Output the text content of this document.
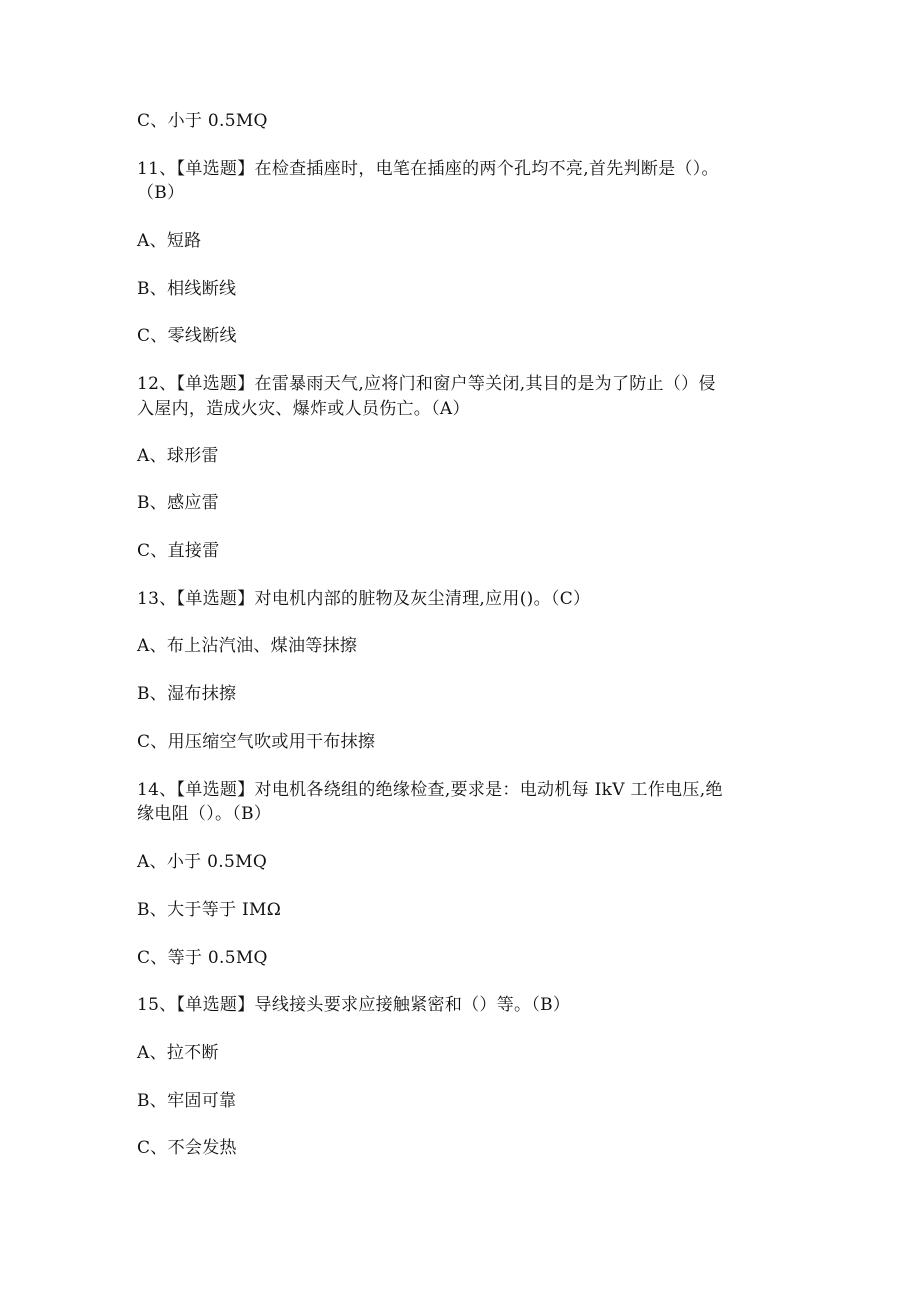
C、小于 0.5MQ
11、【单选题】在检查插座时，电笔在插座的两个孔均不亮,首先判断是（）。
（B）
A、短路
B、相线断线
C、零线断线
12、【单选题】在雷暴雨天气,应将门和窗户等关闭,其目的是为了防止（）侵
入屋内，造成火灾、爆炸或人员伤亡。（A）
A、球形雷
B、感应雷
C、直接雷
13、【单选题】对电机内部的脏物及灰尘清理,应用()。（C）
A、布上沾汽油、煤油等抹擦
B、湿布抹擦
C、用压缩空气吹或用干布抹擦
14、【单选题】对电机各绕组的绝缘检查,要求是：电动机每 IkV 工作电压,绝
缘电阻（）。（B）
A、小于 0.5MQ
B、大于等于 IMΩ
C、等于 0.5MQ
15、【单选题】导线接头要求应接触紧密和（）等。（B）
A、拉不断
B、牢固可靠
C、不会发热
